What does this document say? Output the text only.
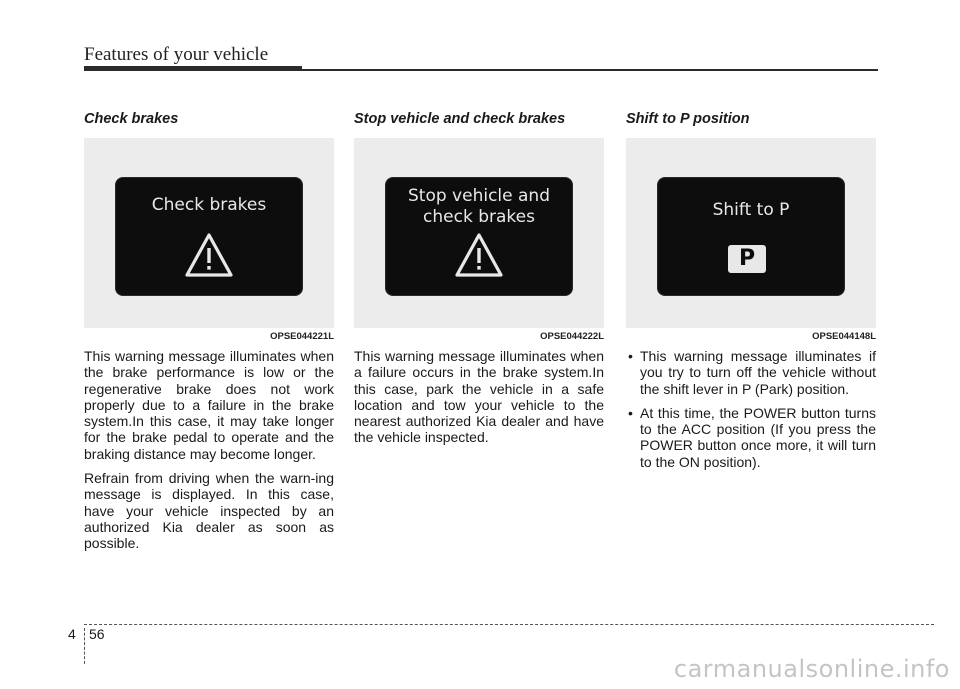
Features of your vehicle
Check brakes
Check brakes
OPSE044221L

This warning message illuminates when the brake performance is low or the regenerative brake does not work properly due to a failure in the brake system.In this case, it may take longer for the brake pedal to operate and the braking distance may become longer.

Refrain from driving when the warn-ing message is displayed. In this case, have your vehicle inspected by an authorized Kia dealer as soon as possible.

Stop vehicle and check brakes
Stop vehicle and
check brakes
OPSE044222L

This warning message illuminates when a failure occurs in the brake system.In this case, park the vehicle in a safe location and tow your vehicle to the nearest authorized Kia dealer and have the vehicle inspected.

Shift to P position
Shift to P
P
OPSE044148L
• This warning message illuminates if you try to turn off the vehicle without the shift lever in P (Park) position.
• At this time, the POWER button turns to the ACC position (If you press the POWER button once more, it will turn to the ON position).
4 56
carmanualsonline.info
